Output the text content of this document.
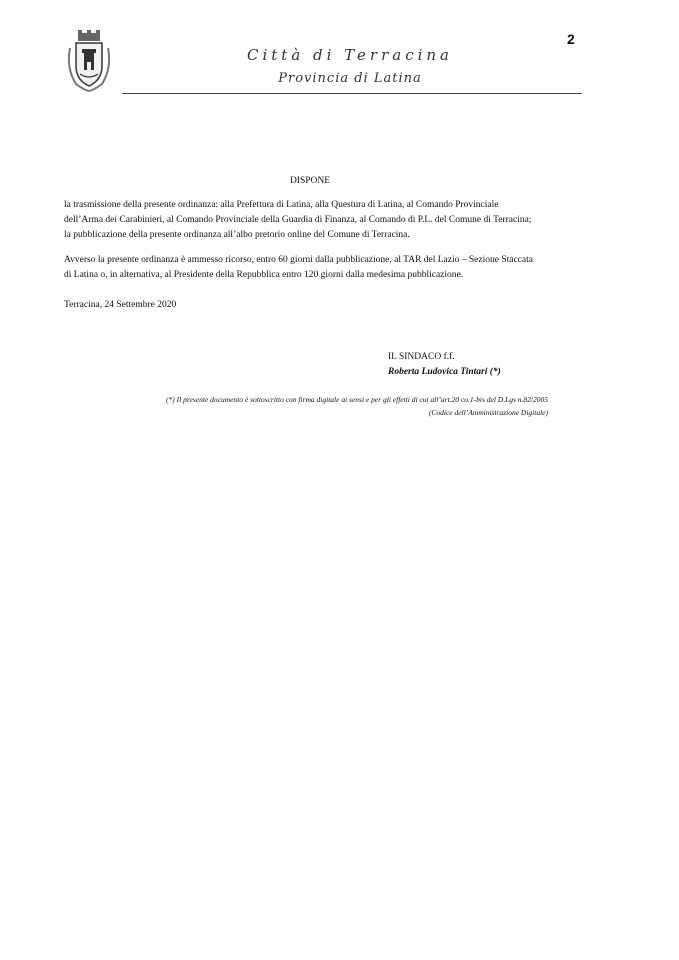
2
Città di Terracina
Provincia di Latina
DISPONE
la trasmissione della presente ordinanza: alla Prefettura di Latina, alla Questura di Latina, al Comando Provinciale
dell’Arma dei Carabinieri, al Comando Provinciale della Guardia di Finanza, al Comando di P.L. del Comune di Terracina;
la pubblicazione della presente ordinanza all’albo pretorio online del Comune di Terracina.
Avverso la presente ordinanza è ammesso ricorso, entro 60 giorni dalla pubblicazione, al TAR del Lazio – Sezione Staccata
di Latina o, in alternativa, al Presidente della Repubblica entro 120 giorni dalla medesima pubblicazione.
Terracina, 24 Settembre 2020
IL SINDACO f.f.
Roberta Ludovica Tintari (*)
(*) Il presente documento è sottoscritto con firma digitale ai sensi e per gli effetti di cui all’art.20 co.1-bis del D.Lgs n.82/2005
(Codice dell’Amministrazione Digitale)
